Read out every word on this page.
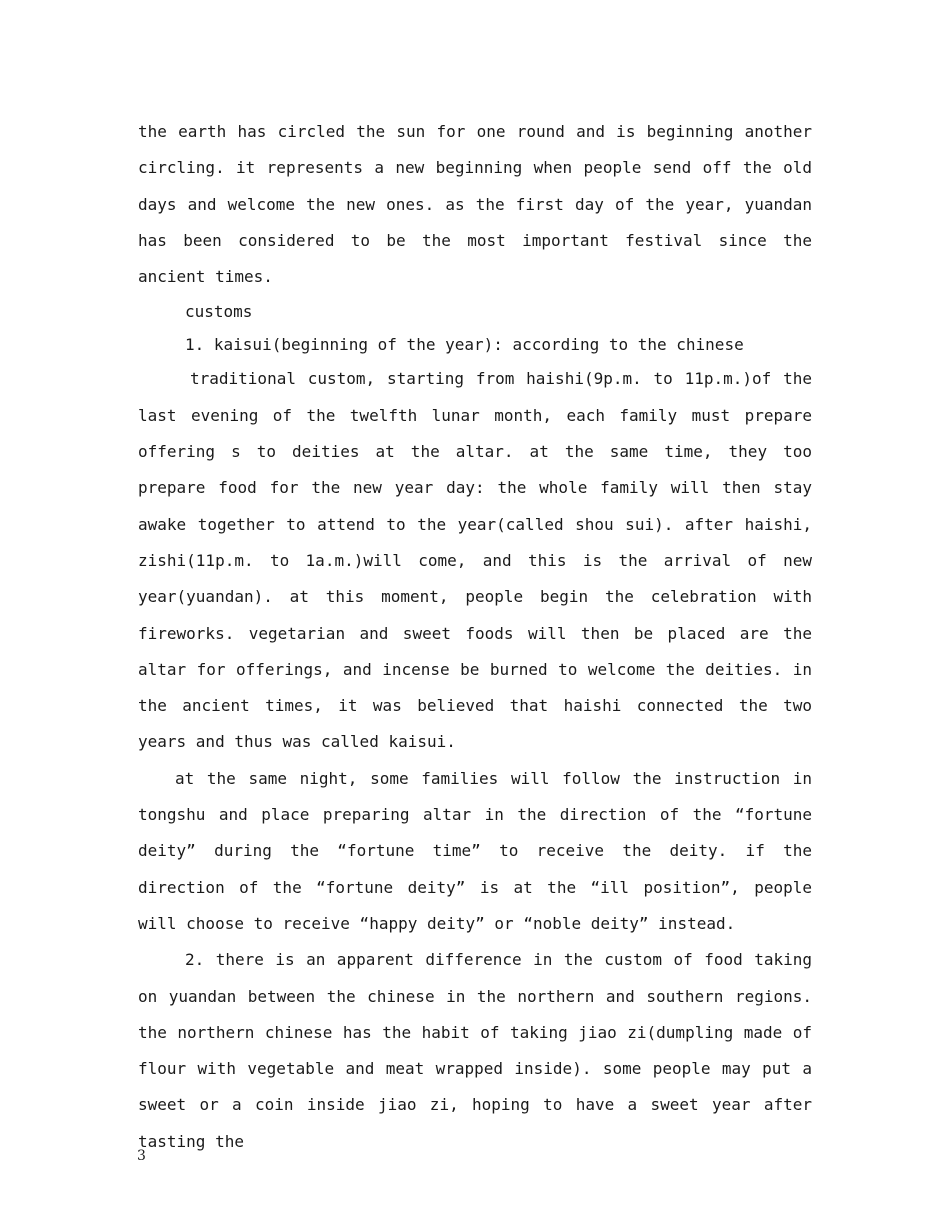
the earth has circled the sun for one round and is beginning another circling. it represents a new beginning when people send off the old days and welcome the new ones. as the first day of the year, yuandan has been considered to be the most important festival since the ancient times.

customs

1. kaisui(beginning of the year): according to the chinese

traditional custom, starting from haishi(9p.m. to 11p.m.)of the last evening of the twelfth lunar month, each family must prepare offering s to deities at the altar. at the same time, they too prepare food for the new year day: the whole family will then stay awake together to attend to the year(called shou sui). after haishi, zishi(11p.m. to 1a.m.)will come, and this is the arrival of new year(yuandan). at this moment, people begin the celebration with fireworks. vegetarian and sweet foods will then be placed are the altar for offerings, and incense be burned to welcome the deities. in the ancient times, it was believed that haishi connected the two years and thus was called kaisui.

at the same night, some families will follow the instruction in tongshu and place preparing altar in the direction of the “fortune deity” during the “fortune time” to receive the deity. if the direction of the “fortune deity” is at the “ill position”, people will choose to receive “happy deity” or “noble deity” instead.

2. there is an apparent difference in the custom of food taking on yuandan between the chinese in the northern and southern regions. the northern chinese has the habit of taking jiao zi(dumpling made of flour with vegetable and meat wrapped inside). some people may put a sweet or a coin inside jiao zi, hoping to have a sweet year after tasting the

3
